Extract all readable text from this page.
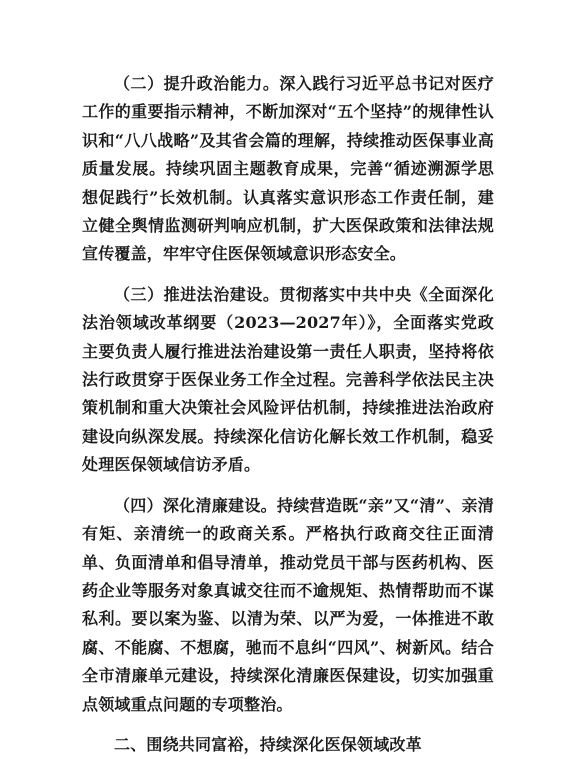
（二）提升政治能力。深入践行习近平总书记对医疗工作的重要指示精神，不断加深对“五个坚持”的规律性认识和“八八战略”及其省会篇的理解，持续推动医保事业高质量发展。持续巩固主题教育成果，完善“循迹溯源学思想促践行”长效机制。认真落实意识形态工作责任制，建立健全舆情监测研判响应机制，扩大医保政策和法律法规宣传覆盖，牢牢守住医保领域意识形态安全。

（三）推进法治建设。贯彻落实中共中央《全面深化法治领域改革纲要（2023—2027年）》，全面落实党政主要负责人履行推进法治建设第一责任人职责，坚持将依法行政贯穿于医保业务工作全过程。完善科学依法民主决策机制和重大决策社会风险评估机制，持续推进法治政府建设向纵深发展。持续深化信访化解长效工作机制，稳妥处理医保领域信访矛盾。

（四）深化清廉建设。持续营造既“亲”又“清”、亲清有矩、亲清统一的政商关系。严格执行政商交往正面清单、负面清单和倡导清单，推动党员干部与医药机构、医药企业等服务对象真诚交往而不逾规矩、热情帮助而不谋私利。要以案为鉴、以清为荣、以严为爱，一体推进不敢腐、不能腐、不想腐，驰而不息纠“四风”、树新风。结合全市清廉单元建设，持续深化清廉医保建设，切实加强重点领域重点问题的专项整治。

二、围绕共同富裕，持续深化医保领域改革
